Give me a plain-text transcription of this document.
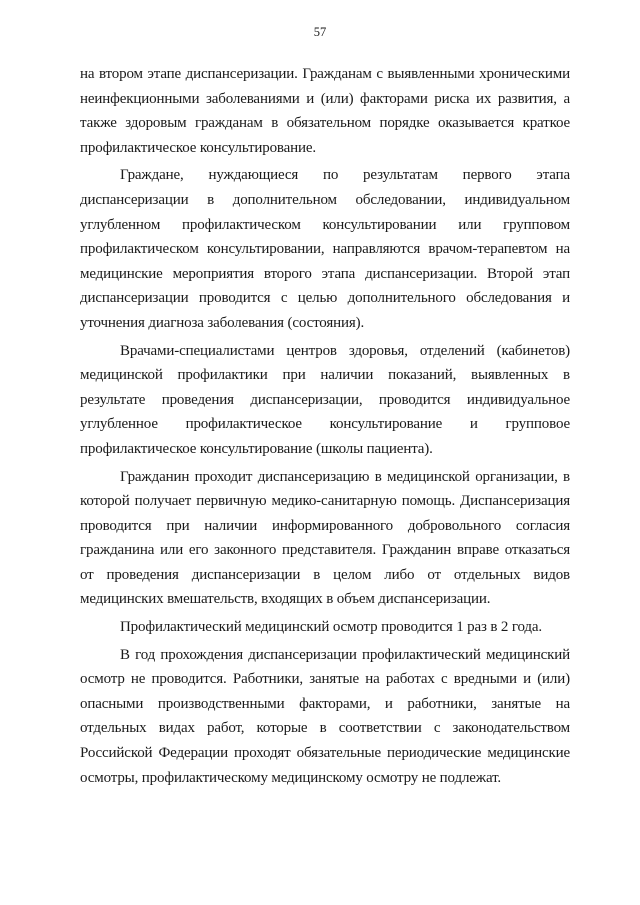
57

на втором этапе диспансеризации. Гражданам с выявленными хроническими неинфекционными заболеваниями и (или) факторами риска их развития, а также здоровым гражданам в обязательном порядке оказывается краткое профилактическое консультирование.

Граждане, нуждающиеся по результатам первого этапа диспансеризации в дополнительном обследовании, индивидуальном углубленном профилактическом консультировании или групповом профилактическом консультировании, направляются врачом-терапевтом на медицинские мероприятия второго этапа диспансеризации. Второй этап диспансеризации проводится с целью дополнительного обследования и уточнения диагноза заболевания (состояния).

Врачами-специалистами центров здоровья, отделений (кабинетов) медицинской профилактики при наличии показаний, выявленных в результате проведения диспансеризации, проводится индивидуальное углубленное профилактическое консультирование и групповое профилактическое консультирование (школы пациента).

Гражданин проходит диспансеризацию в медицинской организации, в которой получает первичную медико-санитарную помощь. Диспансеризация проводится при наличии информированного добровольного согласия гражданина или его законного представителя. Гражданин вправе отказаться от проведения диспансеризации в целом либо от отдельных видов медицинских вмешательств, входящих в объем диспансеризации.

Профилактический медицинский осмотр проводится 1 раз в 2 года.

В год прохождения диспансеризации профилактический медицинский осмотр не проводится. Работники, занятые на работах с вредными и (или) опасными производственными факторами, и работники, занятые на отдельных видах работ, которые в соответствии с законодательством Российской Федерации проходят обязательные периодические медицинские осмотры, профилактическому медицинскому осмотру не подлежат.
